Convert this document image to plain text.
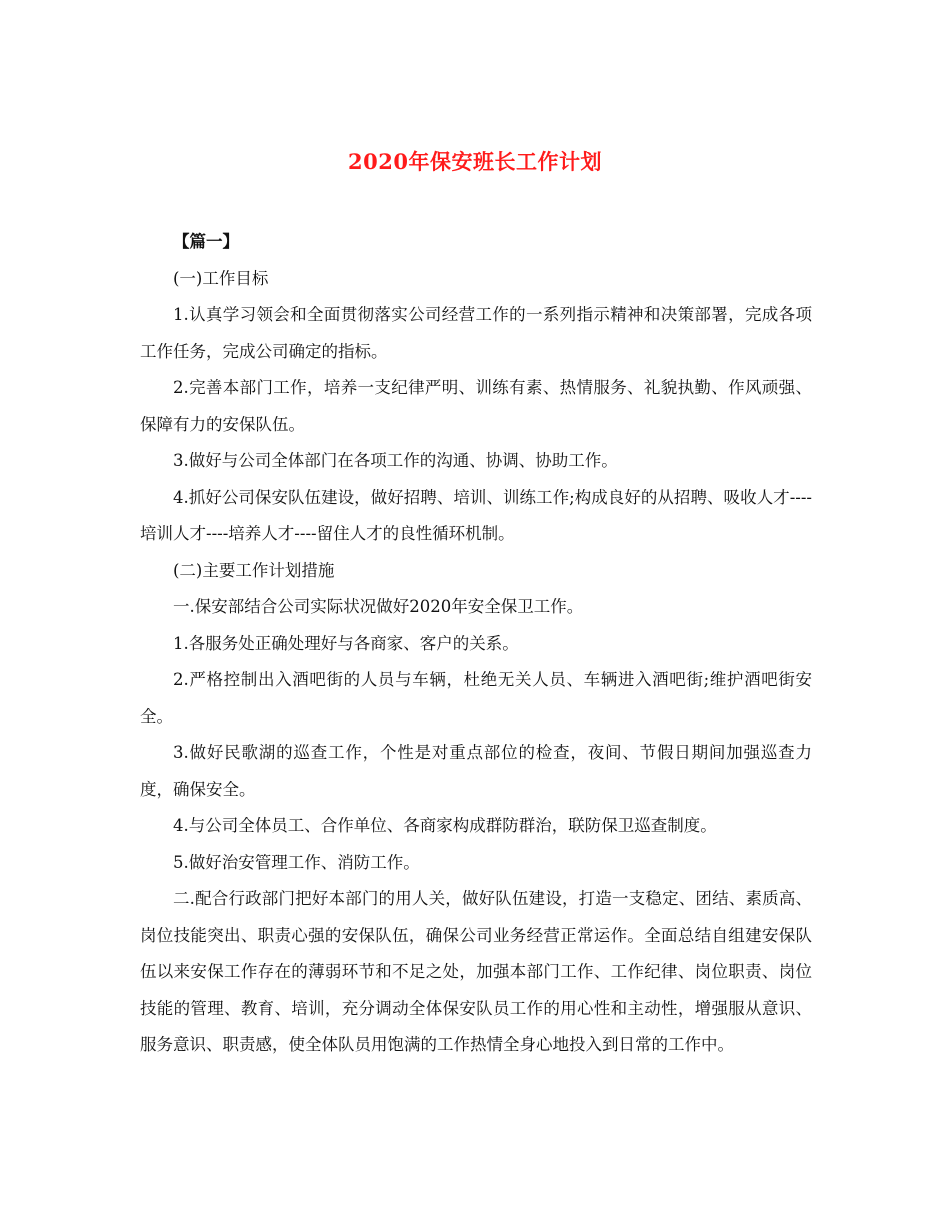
2020年保安班长工作计划

【篇一】

(一)工作目标

1.认真学习领会和全面贯彻落实公司经营工作的一系列指示精神和决策部署，完成各项工作任务，完成公司确定的指标。

2.完善本部门工作，培养一支纪律严明、训练有素、热情服务、礼貌执勤、作风顽强、保障有力的安保队伍。

3.做好与公司全体部门在各项工作的沟通、协调、协助工作。

4.抓好公司保安队伍建设，做好招聘、培训、训练工作;构成良好的从招聘、吸收人才----培训人才----培养人才----留住人才的良性循环机制。

(二)主要工作计划措施

一.保安部结合公司实际状况做好2020年安全保卫工作。

1.各服务处正确处理好与各商家、客户的关系。

2.严格控制出入酒吧街的人员与车辆，杜绝无关人员、车辆进入酒吧街;维护酒吧街安全。

3.做好民歌湖的巡查工作，个性是对重点部位的检查，夜间、节假日期间加强巡查力度，确保安全。

4.与公司全体员工、合作单位、各商家构成群防群治，联防保卫巡查制度。

5.做好治安管理工作、消防工作。

二.配合行政部门把好本部门的用人关，做好队伍建设，打造一支稳定、团结、素质高、岗位技能突出、职责心强的安保队伍，确保公司业务经营正常运作。全面总结自组建安保队伍以来安保工作存在的薄弱环节和不足之处，加强本部门工作、工作纪律、岗位职责、岗位技能的管理、教育、培训，充分调动全体保安队员工作的用心性和主动性，增强服从意识、服务意识、职责感，使全体队员用饱满的工作热情全身心地投入到日常的工作中。
